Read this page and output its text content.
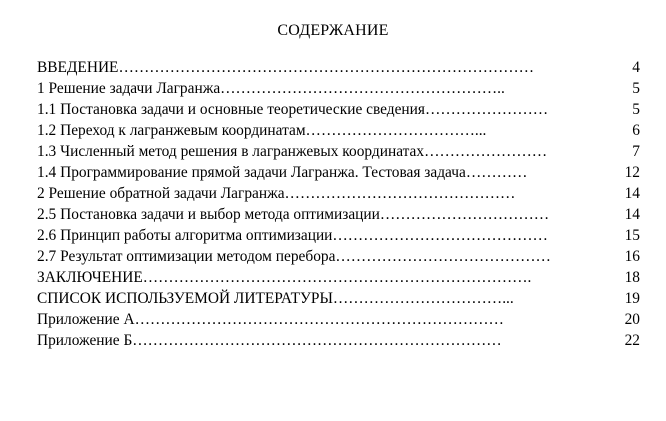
СОДЕРЖАНИЕ
ВВЕДЕНИЕ………………………………………………………………………	4
1 Решение задачи Лагранжа………………………………………………..	5
1.1 Постановка задачи и основные теоретические сведения……………………	5
1.2 Переход к лагранжевым координатам……………………………...	6
1.3 Численный метод решения в лагранжевых координатах……………………	7
1.4 Программирование прямой задачи Лагранжа. Тестовая задача…………	12
2 Решение обратной задачи Лагранжа………………………………………	14
2.5 Постановка задачи и выбор метода оптимизации……………………………	14
2.6 Принцип работы алгоритма оптимизации……………………………………	15
2.7 Результат оптимизации методом перебора……………………………………	16
ЗАКЛЮЧЕНИЕ………………………………………………………………….	18
СПИСОК ИСПОЛЬЗУЕМОЙ ЛИТЕРАТУРЫ……………………………...	19
Приложение А………………………………………………………………	20
Приложение Б………………………………………………………………	22
